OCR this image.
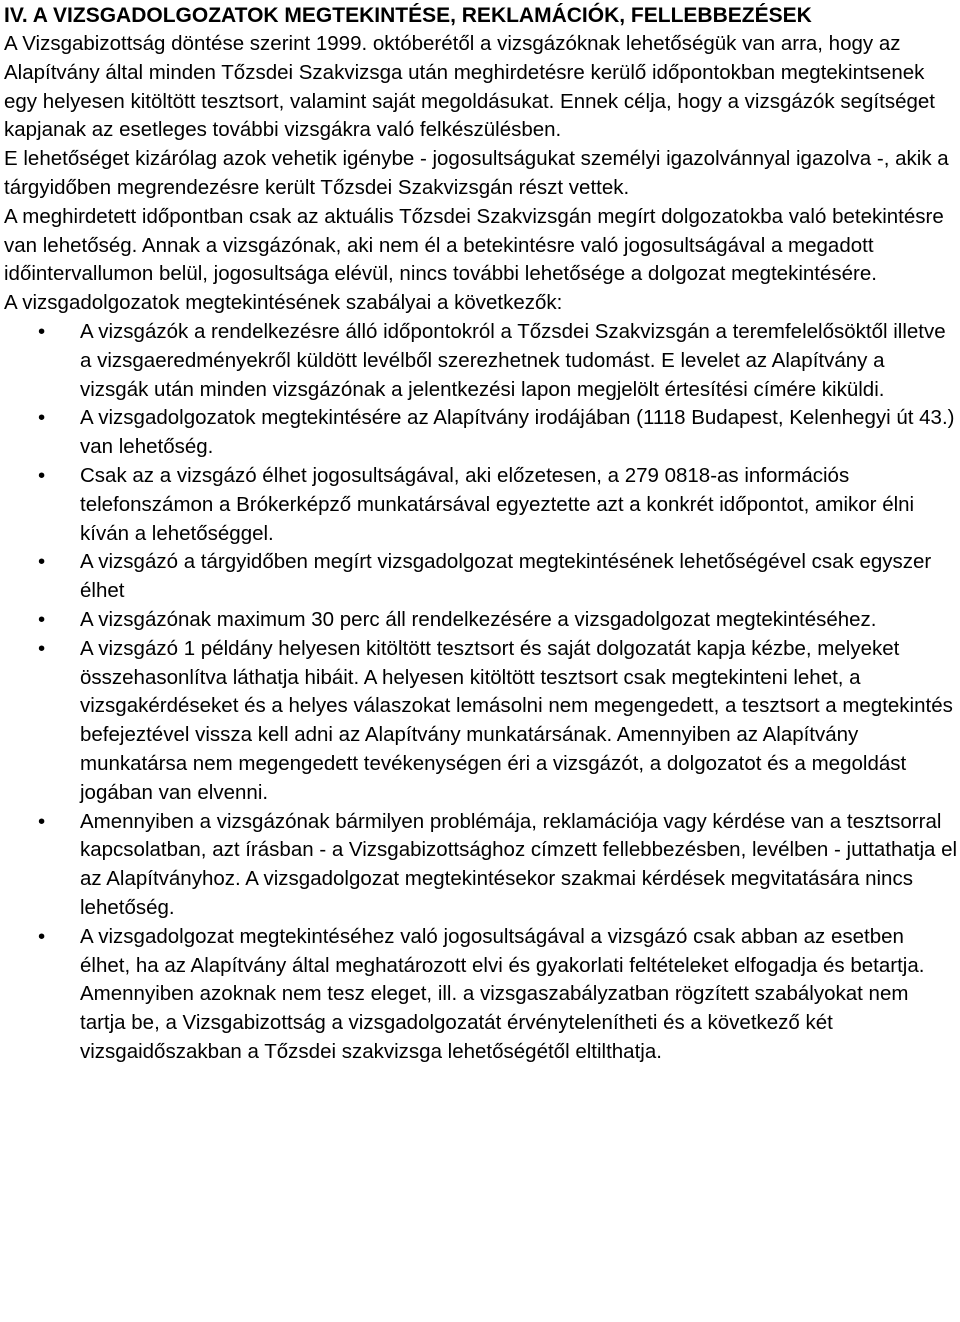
IV. A VIZSGADOLGOZATOK MEGTEKINTÉSE, REKLAMÁCIÓK, FELLEBBEZÉSEK

A Vizsgabizottság döntése szerint 1999. októberétől a vizsgázóknak lehetőségük van arra, hogy az Alapítvány által minden Tőzsdei Szakvizsga után meghirdetésre kerülő időpontokban megtekintsenek egy helyesen kitöltött tesztsort, valamint saját megoldásukat. Ennek célja, hogy a vizsgázók segítséget kapjanak az esetleges további vizsgákra való felkészülésben.

E lehetőséget kizárólag azok vehetik igénybe - jogosultságukat személyi igazolvánnyal igazolva -, akik a tárgyidőben megrendezésre került Tőzsdei Szakvizsgán részt vettek.

A meghirdetett időpontban csak az aktuális Tőzsdei Szakvizsgán megírt dolgozatokba való betekintésre van lehetőség. Annak a vizsgázónak, aki nem él a betekintésre való jogosultságával a megadott időintervallumon belül, jogosultsága elévül, nincs további lehetősége a dolgozat megtekintésére.

A vizsgadolgozatok megtekintésének szabályai a következők:

• A vizsgázók a rendelkezésre álló időpontokról a Tőzsdei Szakvizsgán a teremfelelősöktől illetve a vizsgaeredményekről küldött levélből szerezhetnek tudomást. E levelet az Alapítvány a vizsgák után minden vizsgázónak a jelentkezési lapon megjelölt értesítési címére kiküldi.
• A vizsgadolgozatok megtekintésére az Alapítvány irodájában (1118 Budapest, Kelenhegyi út 43.) van lehetőség.
• Csak az a vizsgázó élhet jogosultságával, aki előzetesen, a 279 0818-as információs telefonszámon a Brókerképző munkatársával egyeztette azt a konkrét időpontot, amikor élni kíván a lehetőséggel.
• A vizsgázó a tárgyidőben megírt vizsgadolgozat megtekintésének lehetőségével csak egyszer élhet
• A vizsgázónak maximum 30 perc áll rendelkezésére a vizsgadolgozat megtekintéséhez.
• A vizsgázó 1 példány helyesen kitöltött tesztsort és saját dolgozatát kapja kézbe, melyeket összehasonlítva láthatja hibáit. A helyesen kitöltött tesztsort csak megtekinteni lehet, a vizsgakérdéseket és a helyes válaszokat lemásolni nem megengedett, a tesztsort a megtekintés befejeztével vissza kell adni az Alapítvány munkatársának. Amennyiben az Alapítvány munkatársa nem megengedett tevékenységen éri a vizsgázót, a dolgozatot és a megoldást jogában van elvenni.
• Amennyiben a vizsgázónak bármilyen problémája, reklamációja vagy kérdése van a tesztsorral kapcsolatban, azt írásban - a Vizsgabizottsághoz címzett fellebbezésben, levélben - juttathatja el az Alapítványhoz. A vizsgadolgozat megtekintésekor szakmai kérdések megvitatására nincs lehetőség.
• A vizsgadolgozat megtekintéséhez való jogosultságával a vizsgázó csak abban az esetben élhet, ha az Alapítvány által meghatározott elvi és gyakorlati feltételeket elfogadja és betartja. Amennyiben azoknak nem tesz eleget, ill. a vizsgaszabályzatban rögzített szabályokat nem tartja be, a Vizsgabizottság a vizsgadolgozatát érvénytelenítheti és a következő két vizsgaidőszakban a Tőzsdei szakvizsga lehetőségétől eltilthatja.
